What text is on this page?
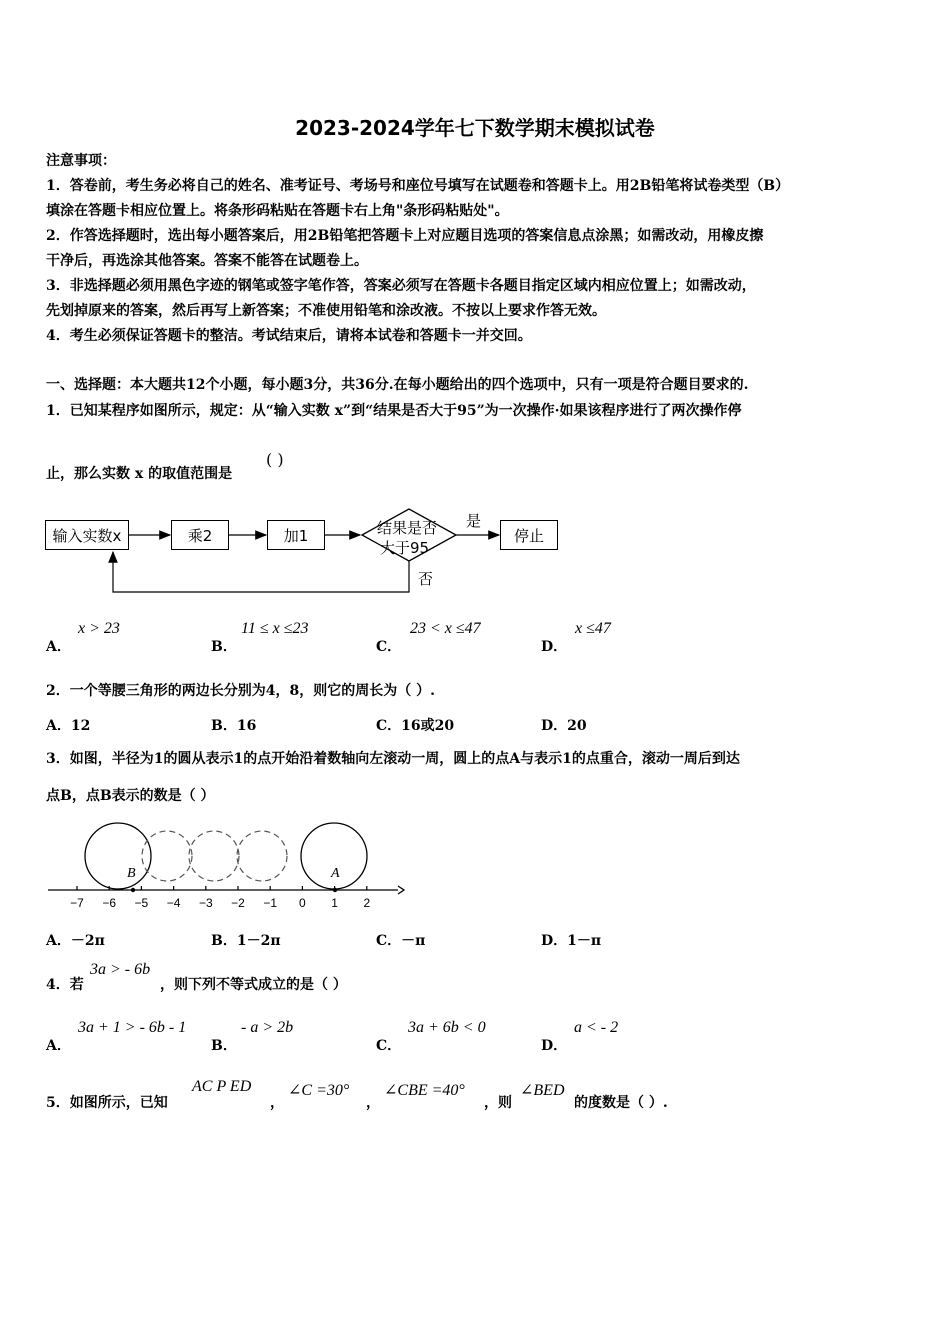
2023-2024学年七下数学期末模拟试卷
注意事项：
1．答卷前，考生务必将自己的姓名、准考证号、考场号和座位号填写在试题卷和答题卡上。用2B铅笔将试卷类型（B）
填涂在答题卡相应位置上。将条形码粘贴在答题卡右上角"条形码粘贴处"。
2．作答选择题时，选出每小题答案后，用2B铅笔把答题卡上对应题目选项的答案信息点涂黑；如需改动，用橡皮擦
干净后，再选涂其他答案。答案不能答在试题卷上。
3．非选择题必须用黑色字迹的钢笔或签字笔作答，答案必须写在答题卡各题目指定区域内相应位置上；如需改动，
先划掉原来的答案，然后再写上新答案；不准使用铅笔和涂改液。不按以上要求作答无效。
4．考生必须保证答题卡的整洁。考试结束后，请将本试卷和答题卡一并交回。
一、选择题：本大题共12个小题，每小题3分，共36分.在每小题给出的四个选项中，只有一项是符合题目要求的.
1．已知某程序如图所示，规定：从“输入实数 x”到“结果是否大于95”为一次操作·如果该程序进行了两次操作停
止，那么实数 x 的取值范围是
( )
输入实数x	乘2	加1	停止
结果是否
大于95
是
否
A．
x > 23
B．
11 ≤ x ≤23
C．
23 < x ≤47
D．
x ≤47
2．一个等腰三角形的两边长分别为4，8，则它的周长为（ ）.
A．12	B．16	C．16或20	D．20
3．如图，半径为1的圆从表示1的点开始沿着数轴向左滚动一周，圆上的点A与表示1的点重合，滚动一周后到达
点B，点B表示的数是（ ）
B	A
−7 −6 −5 −4 −3 −2 −1	0	1	2
A．－2π	B．1－2π	C．－π	D．1－π
4．若
3a > - 6b
，则下列不等式成立的是（ ）
A．
3a + 1 > - 6b - 1
B．
- a > 2b
C．
3a + 6b < 0
D．
a < - 2
5．如图所示，已知
AC P ED
，
∠C =30°
，
∠CBE =40°
，则
∠BED
的度数是（ ）.
